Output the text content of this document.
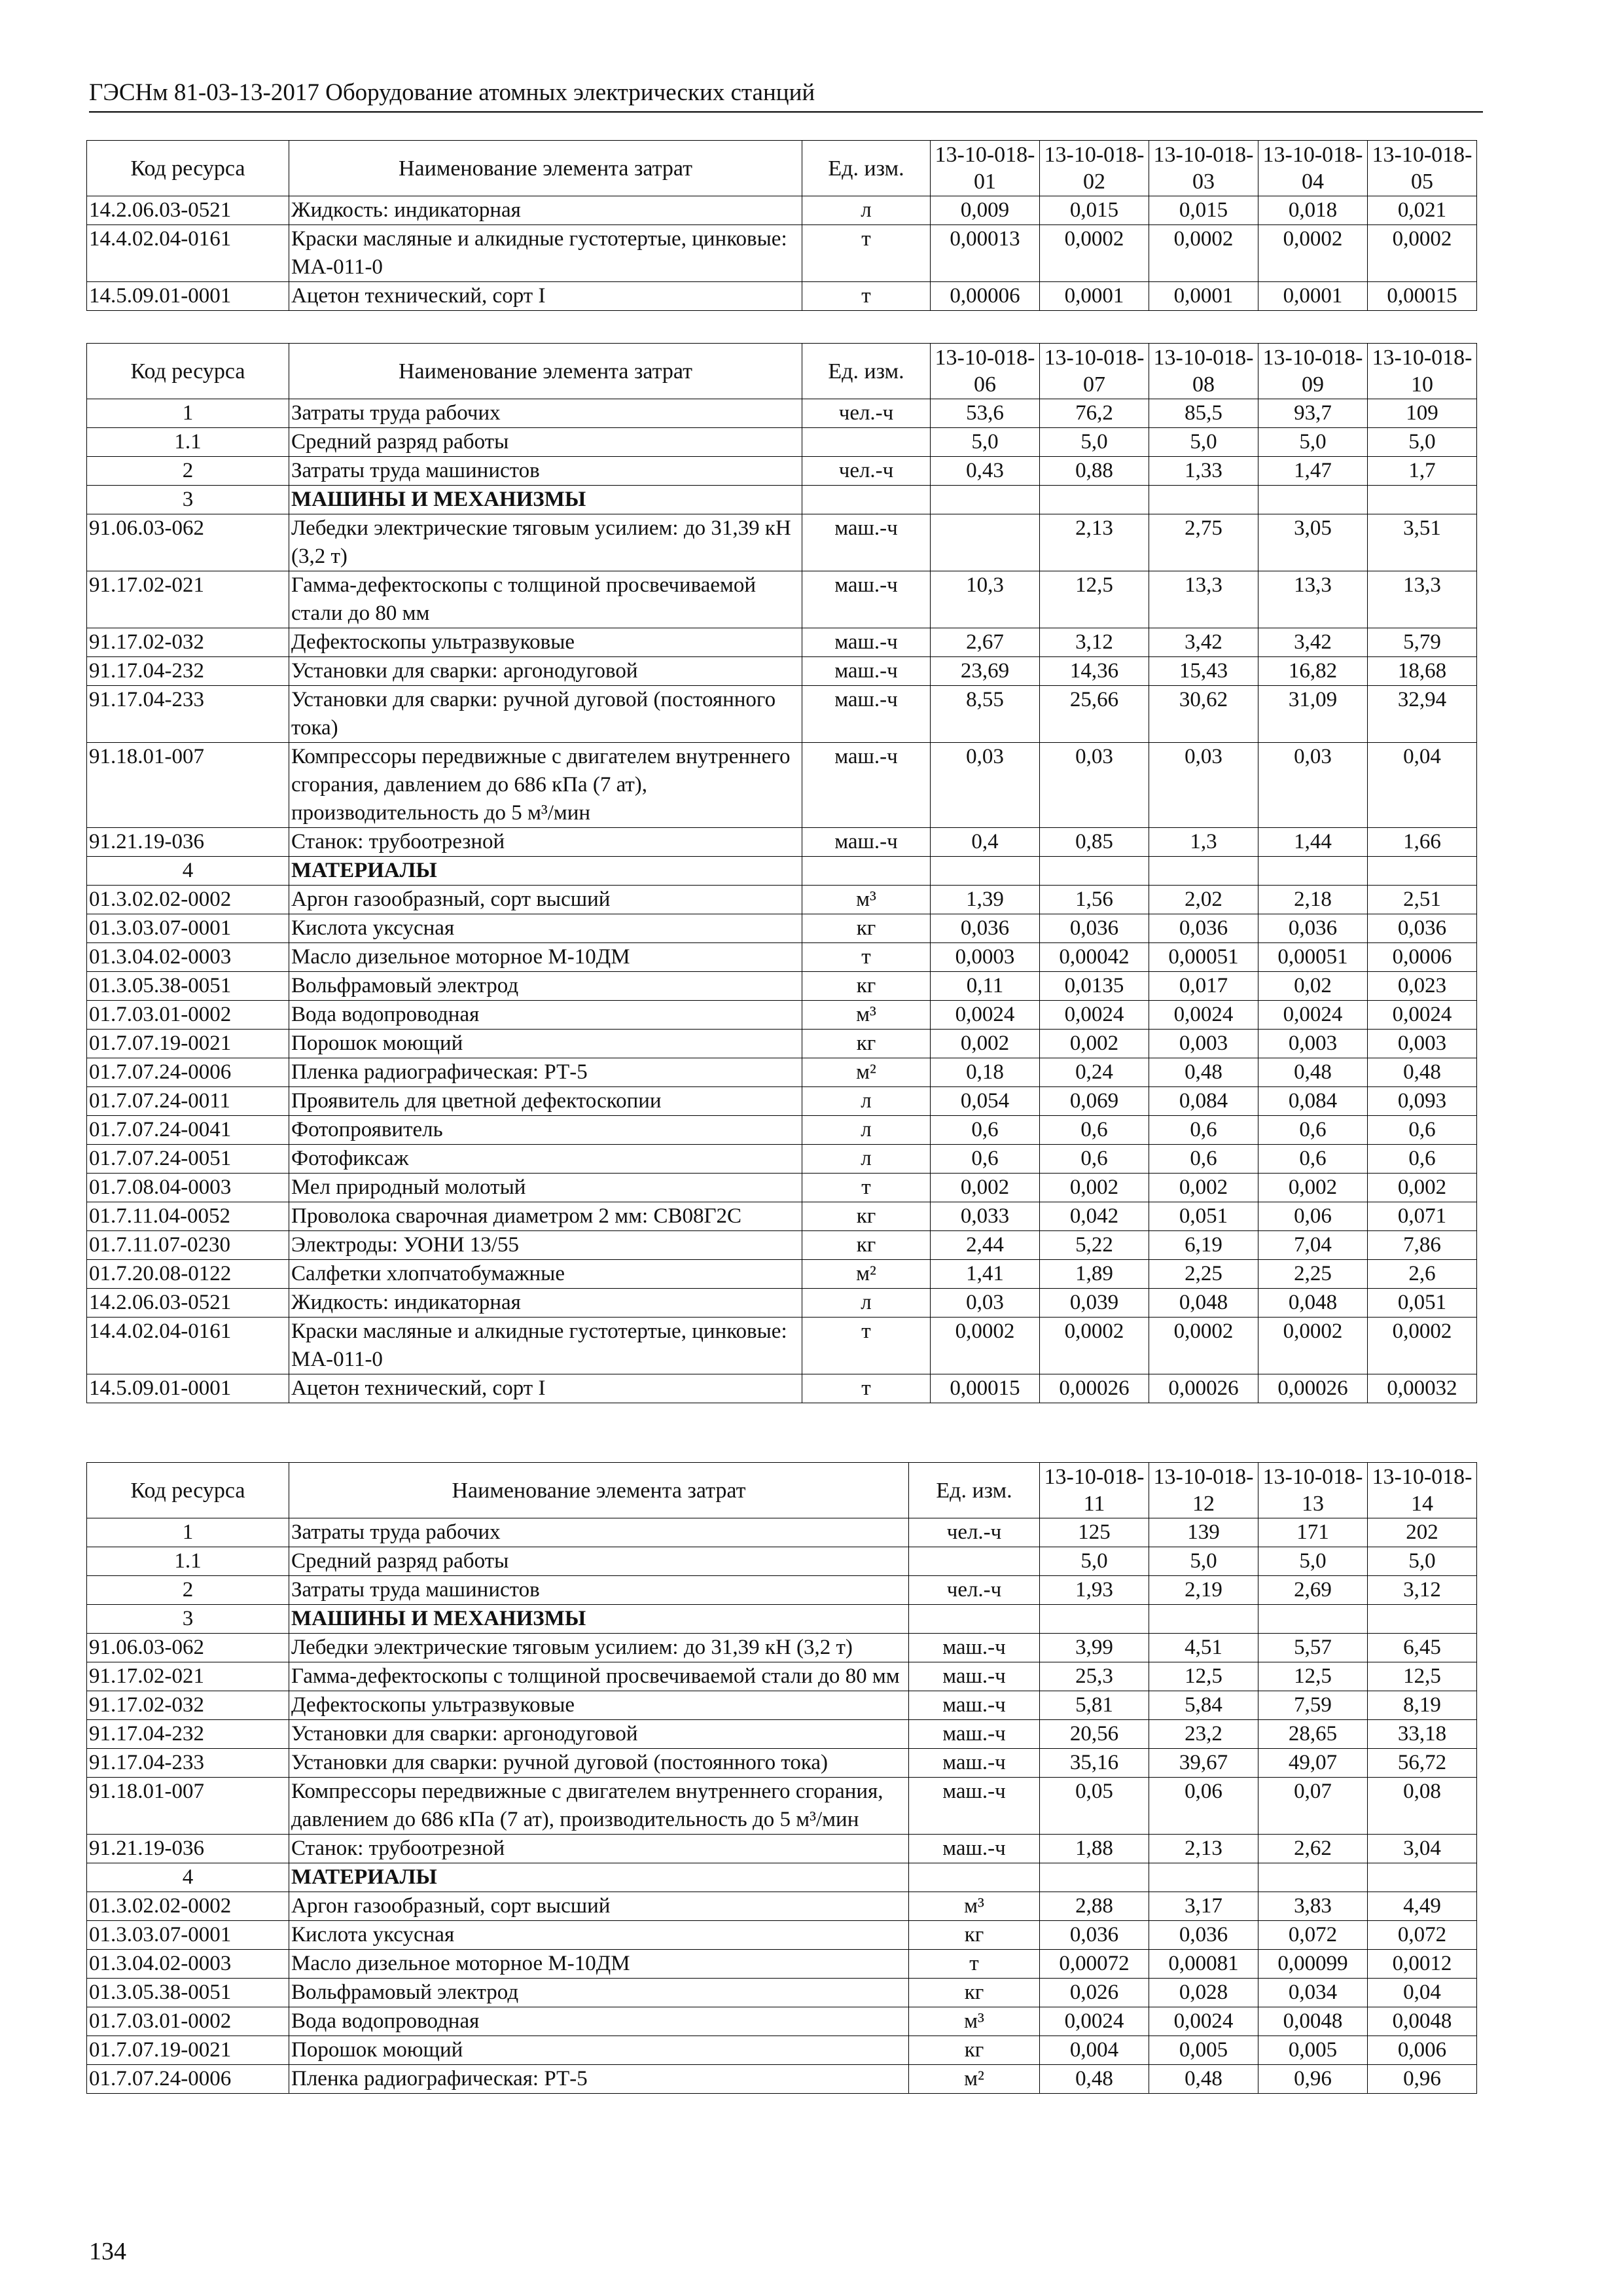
ГЭСНм 81-03-13-2017 Оборудование атомных электрических станций
Код ресурса	Наименование элемента затрат	Ед. изм.	13-10-018-01	13-10-018-02	13-10-018-03	13-10-018-04	13-10-018-05
14.2.06.03-0521	Жидкость: индикаторная	л	0,009	0,015	0,015	0,018	0,021
14.4.02.04-0161	Краски масляные и алкидные густотертые, цинковые: МА-011-0	т	0,00013	0,0002	0,0002	0,0002	0,0002
14.5.09.01-0001	Ацетон технический, сорт I	т	0,00006	0,0001	0,0001	0,0001	0,00015
Код ресурса	Наименование элемента затрат	Ед. изм.	13-10-018-06	13-10-018-07	13-10-018-08	13-10-018-09	13-10-018-10
1	Затраты труда рабочих	чел.-ч	53,6	76,2	85,5	93,7	109
1.1	Средний разряд работы		5,0	5,0	5,0	5,0	5,0
2	Затраты труда машинистов	чел.-ч	0,43	0,88	1,33	1,47	1,7
3	МАШИНЫ И МЕХАНИЗМЫ						
91.06.03-062	Лебедки электрические тяговым усилием: до 31,39 кН (3,2 т)	маш.-ч		2,13	2,75	3,05	3,51
91.17.02-021	Гамма-дефектоскопы с толщиной просвечиваемой стали до 80 мм	маш.-ч	10,3	12,5	13,3	13,3	13,3
91.17.02-032	Дефектоскопы ультразвуковые	маш.-ч	2,67	3,12	3,42	3,42	5,79
91.17.04-232	Установки для сварки: аргонодуговой	маш.-ч	23,69	14,36	15,43	16,82	18,68
91.17.04-233	Установки для сварки: ручной дуговой (постоянного тока)	маш.-ч	8,55	25,66	30,62	31,09	32,94
91.18.01-007	Компрессоры передвижные с двигателем внутреннего сгорания, давлением до 686 кПа (7 ат), производительность до 5 м³/мин	маш.-ч	0,03	0,03	0,03	0,03	0,04
91.21.19-036	Станок: трубоотрезной	маш.-ч	0,4	0,85	1,3	1,44	1,66
4	МАТЕРИАЛЫ						
01.3.02.02-0002	Аргон газообразный, сорт высший	м³	1,39	1,56	2,02	2,18	2,51
01.3.03.07-0001	Кислота уксусная	кг	0,036	0,036	0,036	0,036	0,036
01.3.04.02-0003	Масло дизельное моторное М-10ДМ	т	0,0003	0,00042	0,00051	0,00051	0,0006
01.3.05.38-0051	Вольфрамовый электрод	кг	0,11	0,0135	0,017	0,02	0,023
01.7.03.01-0002	Вода водопроводная	м³	0,0024	0,0024	0,0024	0,0024	0,0024
01.7.07.19-0021	Порошок моющий	кг	0,002	0,002	0,003	0,003	0,003
01.7.07.24-0006	Пленка радиографическая: РТ-5	м²	0,18	0,24	0,48	0,48	0,48
01.7.07.24-0011	Проявитель для цветной дефектоскопии	л	0,054	0,069	0,084	0,084	0,093
01.7.07.24-0041	Фотопроявитель	л	0,6	0,6	0,6	0,6	0,6
01.7.07.24-0051	Фотофиксаж	л	0,6	0,6	0,6	0,6	0,6
01.7.08.04-0003	Мел природный молотый	т	0,002	0,002	0,002	0,002	0,002
01.7.11.04-0052	Проволока сварочная диаметром 2 мм: СВ08Г2С	кг	0,033	0,042	0,051	0,06	0,071
01.7.11.07-0230	Электроды: УОНИ 13/55	кг	2,44	5,22	6,19	7,04	7,86
01.7.20.08-0122	Салфетки хлопчатобумажные	м²	1,41	1,89	2,25	2,25	2,6
14.2.06.03-0521	Жидкость: индикаторная	л	0,03	0,039	0,048	0,048	0,051
14.4.02.04-0161	Краски масляные и алкидные густотертые, цинковые: МА-011-0	т	0,0002	0,0002	0,0002	0,0002	0,0002
14.5.09.01-0001	Ацетон технический, сорт I	т	0,00015	0,00026	0,00026	0,00026	0,00032
Код ресурса	Наименование элемента затрат	Ед. изм.	13-10-018-11	13-10-018-12	13-10-018-13	13-10-018-14
1	Затраты труда рабочих	чел.-ч	125	139	171	202
1.1	Средний разряд работы		5,0	5,0	5,0	5,0
2	Затраты труда машинистов	чел.-ч	1,93	2,19	2,69	3,12
3	МАШИНЫ И МЕХАНИЗМЫ					
91.06.03-062	Лебедки электрические тяговым усилием: до 31,39 кН (3,2 т)	маш.-ч	3,99	4,51	5,57	6,45
91.17.02-021	Гамма-дефектоскопы с толщиной просвечиваемой стали до 80 мм	маш.-ч	25,3	12,5	12,5	12,5
91.17.02-032	Дефектоскопы ультразвуковые	маш.-ч	5,81	5,84	7,59	8,19
91.17.04-232	Установки для сварки: аргонодуговой	маш.-ч	20,56	23,2	28,65	33,18
91.17.04-233	Установки для сварки: ручной дуговой (постоянного тока)	маш.-ч	35,16	39,67	49,07	56,72
91.18.01-007	Компрессоры передвижные с двигателем внутреннего сгорания, давлением до 686 кПа (7 ат), производительность до 5 м³/мин	маш.-ч	0,05	0,06	0,07	0,08
91.21.19-036	Станок: трубоотрезной	маш.-ч	1,88	2,13	2,62	3,04
4	МАТЕРИАЛЫ					
01.3.02.02-0002	Аргон газообразный, сорт высший	м³	2,88	3,17	3,83	4,49
01.3.03.07-0001	Кислота уксусная	кг	0,036	0,036	0,072	0,072
01.3.04.02-0003	Масло дизельное моторное М-10ДМ	т	0,00072	0,00081	0,00099	0,0012
01.3.05.38-0051	Вольфрамовый электрод	кг	0,026	0,028	0,034	0,04
01.7.03.01-0002	Вода водопроводная	м³	0,0024	0,0024	0,0048	0,0048
01.7.07.19-0021	Порошок моющий	кг	0,004	0,005	0,005	0,006
01.7.07.24-0006	Пленка радиографическая: РТ-5	м²	0,48	0,48	0,96	0,96
134
